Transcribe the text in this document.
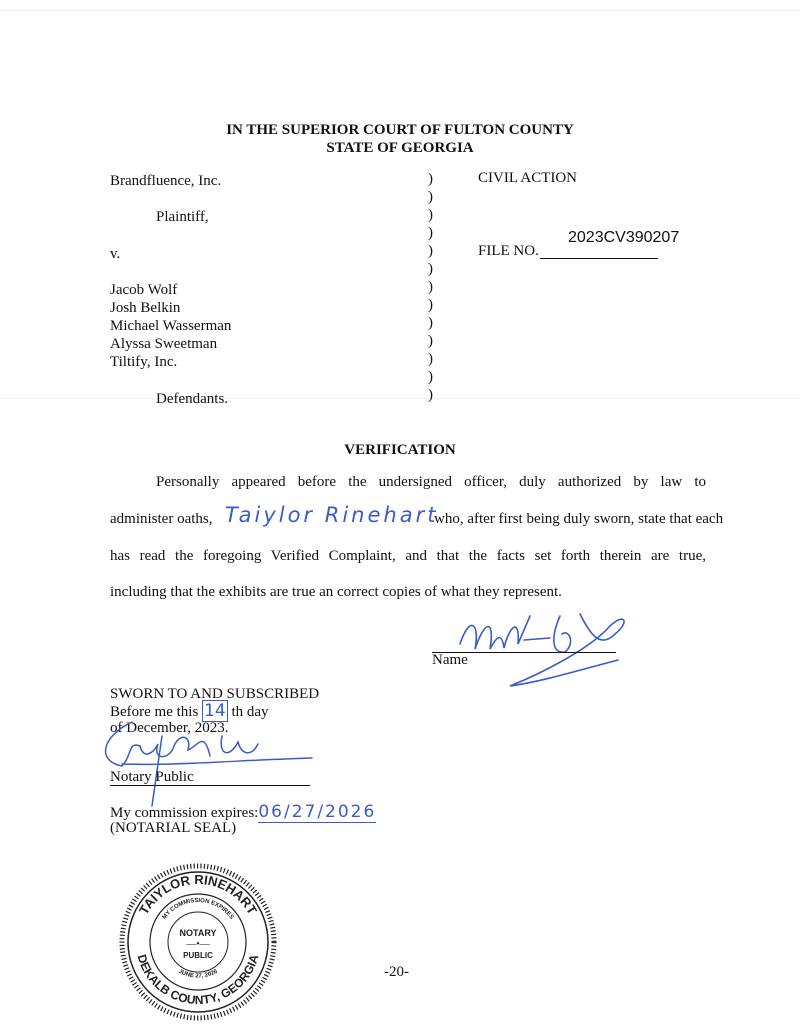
IN THE SUPERIOR COURT OF FULTON COUNTY
STATE OF GEORGIA
Brandfluence, Inc.
Plaintiff,
v.
Jacob Wolf
Josh Belkin
Michael Wasserman
Alyssa Sweetman
Tiltify, Inc.
Defendants.
)
)
)
)
)
)
)
)
)
)
)
)
)
CIVIL ACTION
FILE NO.
2023CV390207
VERIFICATION
Personally appeared before the undersigned officer, duly authorized by law to
administer oaths, Taiylor Rinehart
who, after first being duly sworn, state that each
has read the foregoing Verified Complaint, and that the facts set forth therein are true,
including that the exhibits are true an correct copies of what they represent.
Name
SWORN TO AND SUBSCRIBED
Before me this 14 th day
of December, 2023.
Notary Public
My commission expires:06/27/2026
(NOTARIAL SEAL)
TAIYLOR RINEHART
MY COMMISSION EXPIRES
DEKALB COUNTY, GEORGIA
JUNE 27, 2026
NOTARY
—•—
PUBLIC
-20-
